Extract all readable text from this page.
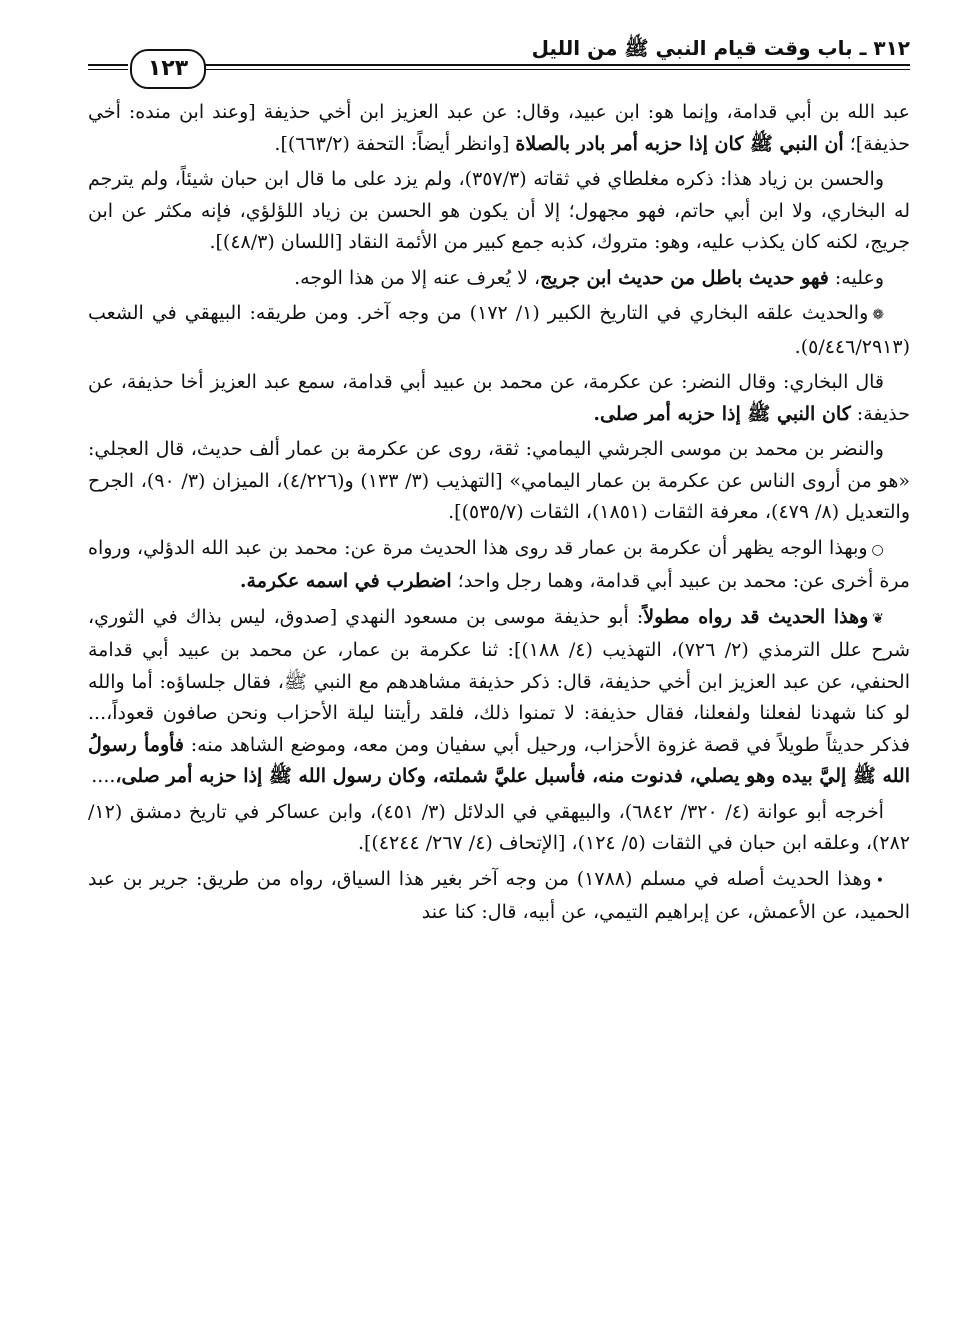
٣١٢ ـ باب وقت قيام النبي ﷺ من الليل
١٢٣

عبد الله بن أبي قدامة، وإنما هو: ابن عبيد، وقال: عن عبد العزيز ابن أخي حذيفة [وعند ابن منده: أخي حذيفة]؛ أن النبي ﷺ كان إذا حزبه أمر بادر بالصلاة [وانظر أيضاً: التحفة (٦٦٣/٢)].

والحسن بن زياد هذا: ذكره مغلطاي في ثقاته (٣٥٧/٣)، ولم يزد على ما قال ابن حبان شيئاً، ولم يترجم له البخاري، ولا ابن أبي حاتم، فهو مجهول؛ إلا أن يكون هو الحسن بن زياد اللؤلؤي، فإنه مكثر عن ابن جريج، لكنه كان يكذب عليه، وهو: متروك، كذبه جمع كبير من الأئمة النقاد [اللسان (٤٨/٣)].

وعليه: فهو حديث باطل من حديث ابن جريج، لا يُعرف عنه إلا من هذا الوجه.

❁والحديث علقه البخاري في التاريخ الكبير (١/ ١٧٢) من وجه آخر. ومن طريقه: البيهقي في الشعب (٥/٤٤٦/٢٩١٣).

قال البخاري: وقال النضر: عن عكرمة، عن محمد بن عبيد أبي قدامة، سمع عبد العزيز أخا حذيفة، عن حذيفة: كان النبي ﷺ إذا حزبه أمر صلى.

والنضر بن محمد بن موسى الجرشي اليمامي: ثقة، روى عن عكرمة بن عمار ألف حديث، قال العجلي: «هو من أروى الناس عن عكرمة بن عمار اليمامي» [التهذيب (٣/ ١٣٣) و(٤/٢٢٦)، الميزان (٣/ ٩٠)، الجرح والتعديل (٨/ ٤٧٩)، معرفة الثقات (١٨٥١)، الثقات (٥٣٥/٧)].

○وبهذا الوجه يظهر أن عكرمة بن عمار قد روى هذا الحديث مرة عن: محمد بن عبد الله الدؤلي، ورواه مرة أخرى عن: محمد بن عبيد أبي قدامة، وهما رجل واحد؛ اضطرب في اسمه عكرمة.

❦وهذا الحديث قد رواه مطولاً: أبو حذيفة موسى بن مسعود النهدي [صدوق، ليس بذاك في الثوري، شرح علل الترمذي (٢/ ٧٢٦)، التهذيب (٤/ ١٨٨)]: ثنا عكرمة بن عمار، عن محمد بن عبيد أبي قدامة الحنفي، عن عبد العزيز ابن أخي حذيفة، قال: ذكر حذيفة مشاهدهم مع النبي ﷺ، فقال جلساؤه: أما والله لو كنا شهدنا لفعلنا ولفعلنا، فقال حذيفة: لا تمنوا ذلك، فلقد رأيتنا ليلة الأحزاب ونحن صافون قعوداً،... فذكر حديثاً طويلاً في قصة غزوة الأحزاب، ورحيل أبي سفيان ومن معه، وموضع الشاهد منه: فأومأ رسولُ الله ﷺ إليَّ بيده وهو يصلي، فدنوت منه، فأسبل عليَّ شملته، وكان رسول الله ﷺ إذا حزبه أمر صلى،....

أخرجه أبو عوانة (٤/ ٣٢٠/ ٦٨٤٢)، والبيهقي في الدلائل (٣/ ٤٥١)، وابن عساكر في تاريخ دمشق (١٢/ ٢٨٢)، وعلقه ابن حبان في الثقات (٥/ ١٢٤)، [الإتحاف (٤/ ٢٦٧/ ٤٢٤٤)].

•وهذا الحديث أصله في مسلم (١٧٨٨) من وجه آخر بغير هذا السياق، رواه من طريق: جرير بن عبد الحميد، عن الأعمش، عن إبراهيم التيمي، عن أبيه، قال: كنا عند
